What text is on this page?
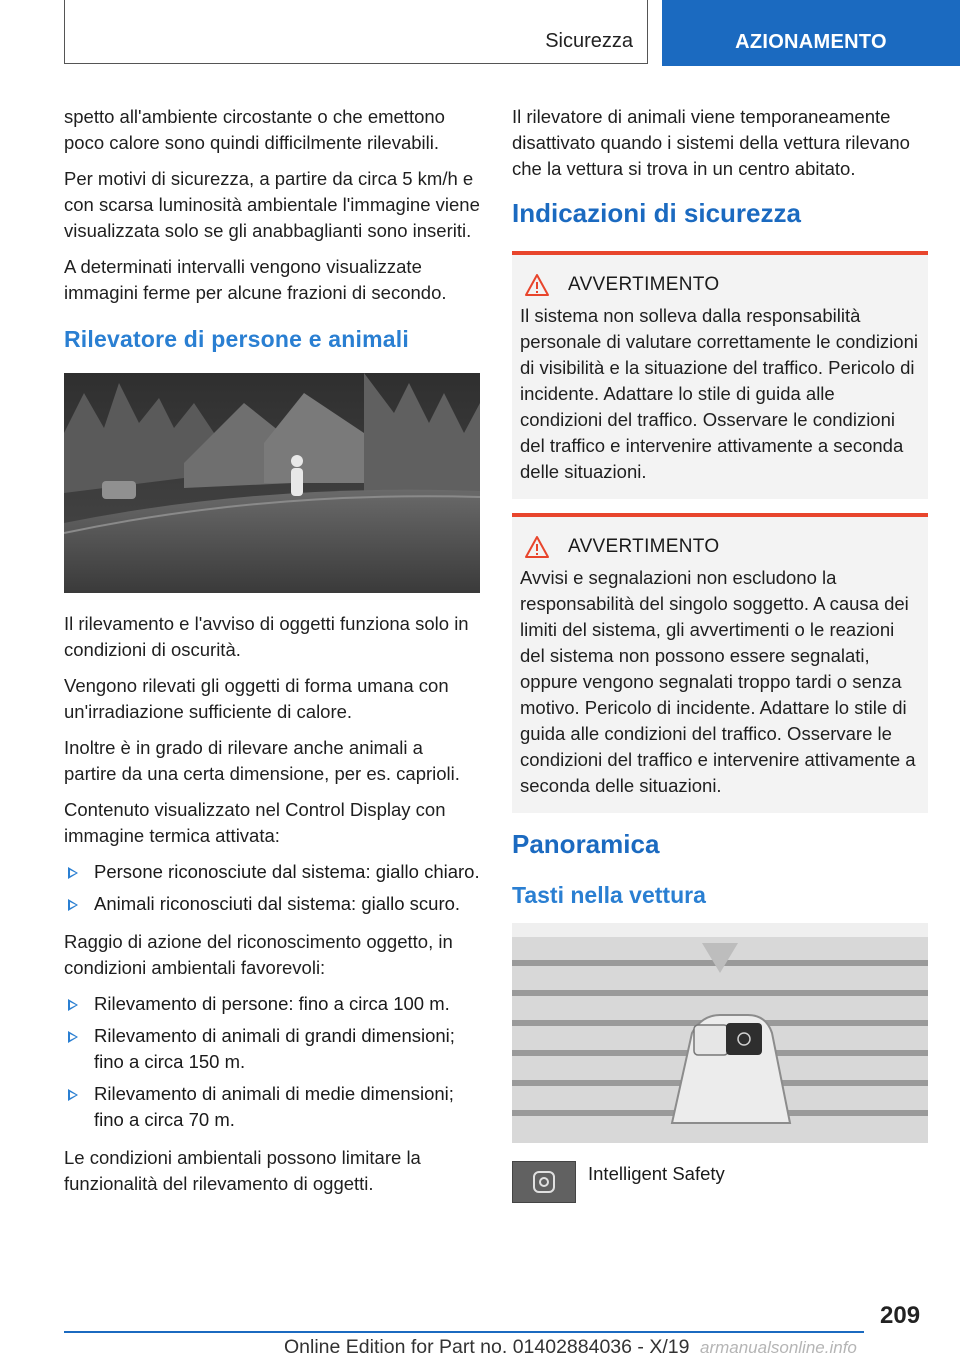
Sicurezza	AZIONAMENTO

spetto all'ambiente circostante o che emettono poco calore sono quindi difficilmente rilevabili.

Per motivi di sicurezza, a partire da circa 5 km/h e con scarsa luminosità ambientale l'immagine viene visualizzata solo se gli anabbaglianti sono inseriti.

A determinati intervalli vengono visualizzate immagini ferme per alcune frazioni di secondo.

Rilevatore di persone e animali

Il rilevamento e l'avviso di oggetti funziona solo in condizioni di oscurità.

Vengono rilevati gli oggetti di forma umana con un'irradiazione sufficiente di calore.

Inoltre è in grado di rilevare anche animali a partire da una certa dimensione, per es. caprioli.

Contenuto visualizzato nel Control Display con immagine termica attivata:

Persone riconosciute dal sistema: giallo chiaro.
Animali riconosciuti dal sistema: giallo scuro.

Raggio di azione del riconoscimento oggetto, in condizioni ambientali favorevoli:

Rilevamento di persone: fino a circa 100 m.
Rilevamento di animali di grandi dimensioni; fino a circa 150 m.
Rilevamento di animali di medie dimensioni; fino a circa 70 m.

Le condizioni ambientali possono limitare la funzionalità del rilevamento di oggetti.

Il rilevatore di animali viene temporaneamente disattivato quando i sistemi della vettura rilevano che la vettura si trova in un centro abitato.

Indicazioni di sicurezza
AVVERTIMENTO

Il sistema non solleva dalla responsabilità personale di valutare correttamente le condizioni di visibilità e la situazione del traffico. Pericolo di incidente. Adattare lo stile di guida alle condizioni del traffico. Osservare le condizioni del traffico e intervenire attivamente a seconda delle situazioni.

AVVERTIMENTO

Avvisi e segnalazioni non escludono la responsabilità del singolo soggetto. A causa dei limiti del sistema, gli avvertimenti o le reazioni del sistema non possono essere segnalati, oppure vengono segnalati troppo tardi o senza motivo. Pericolo di incidente. Adattare lo stile di guida alle condizioni del traffico. Osservare le condizioni del traffico e intervenire attivamente a seconda delle situazioni.

Panoramica
Tasti nella vettura
Intelligent Safety
209
Online Edition for Part no. 01402884036 - X/19 armanualsonline.info
